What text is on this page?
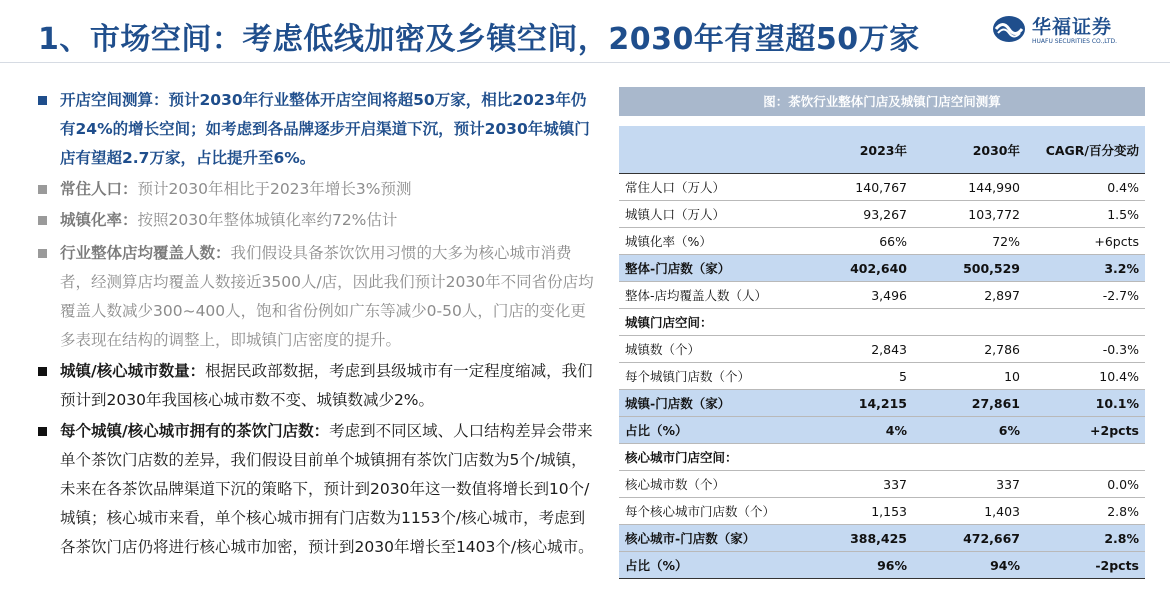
1、市场空间：考虑低线加密及乡镇空间，2030年有望超50万家	华福证券
HUAFU SECURITIES CO.,LTD.
开店空间测算：预计2030年行业整体开店空间将超50万家，相比2023年仍有24%的增长空间；如考虑到各品牌逐步开启渠道下沉，预计2030年城镇门店有望超2.7万家，占比提升至6%。
常住人口：预计2030年相比于2023年增长3%预测
城镇化率：按照2030年整体城镇化率约72%估计
行业整体店均覆盖人数：我们假设具备茶饮饮用习惯的大多为核心城市消费者，经测算店均覆盖人数接近3500人/店，因此我们预计2030年不同省份店均覆盖人数减少300~400人，饱和省份例如广东等减少0-50人，门店的变化更多表现在结构的调整上，即城镇门店密度的提升。
城镇/核心城市数量：根据民政部数据，考虑到县级城市有一定程度缩减，我们预计到2030年我国核心城市数不变、城镇数减少2%。
每个城镇/核心城市拥有的茶饮门店数：考虑到不同区域、人口结构差异会带来单个茶饮门店数的差异，我们假设目前单个城镇拥有茶饮门店数为5个/城镇，未来在各茶饮品牌渠道下沉的策略下，预计到2030年这一数值将增长到10个/城镇；核心城市来看，单个核心城市拥有门店数为1153个/核心城市，考虑到各茶饮门店仍将进行核心城市加密，预计到2030年增长至1403个/核心城市。
图：茶饮行业整体门店及城镇门店空间测算
	2023年	2030年	CAGR/百分变动
常住人口（万人）	140,767	144,990	0.4%
城镇人口（万人）	93,267	103,772	1.5%
城镇化率（%）	66%	72%	+6pcts
整体-门店数（家）	402,640	500,529	3.2%
整体-店均覆盖人数（人）	3,496	2,897	-2.7%
城镇门店空间：			
城镇数（个）	2,843	2,786	-0.3%
每个城镇门店数（个）	5	10	10.4%
城镇-门店数（家）	14,215	27,861	10.1%
占比（%）	4%	6%	+2pcts
核心城市门店空间：			
核心城市数（个）	337	337	0.0%
每个核心城市门店数（个）	1,153	1,403	2.8%
核心城市-门店数（家）	388,425	472,667	2.8%
占比（%）	96%	94%	-2pcts
